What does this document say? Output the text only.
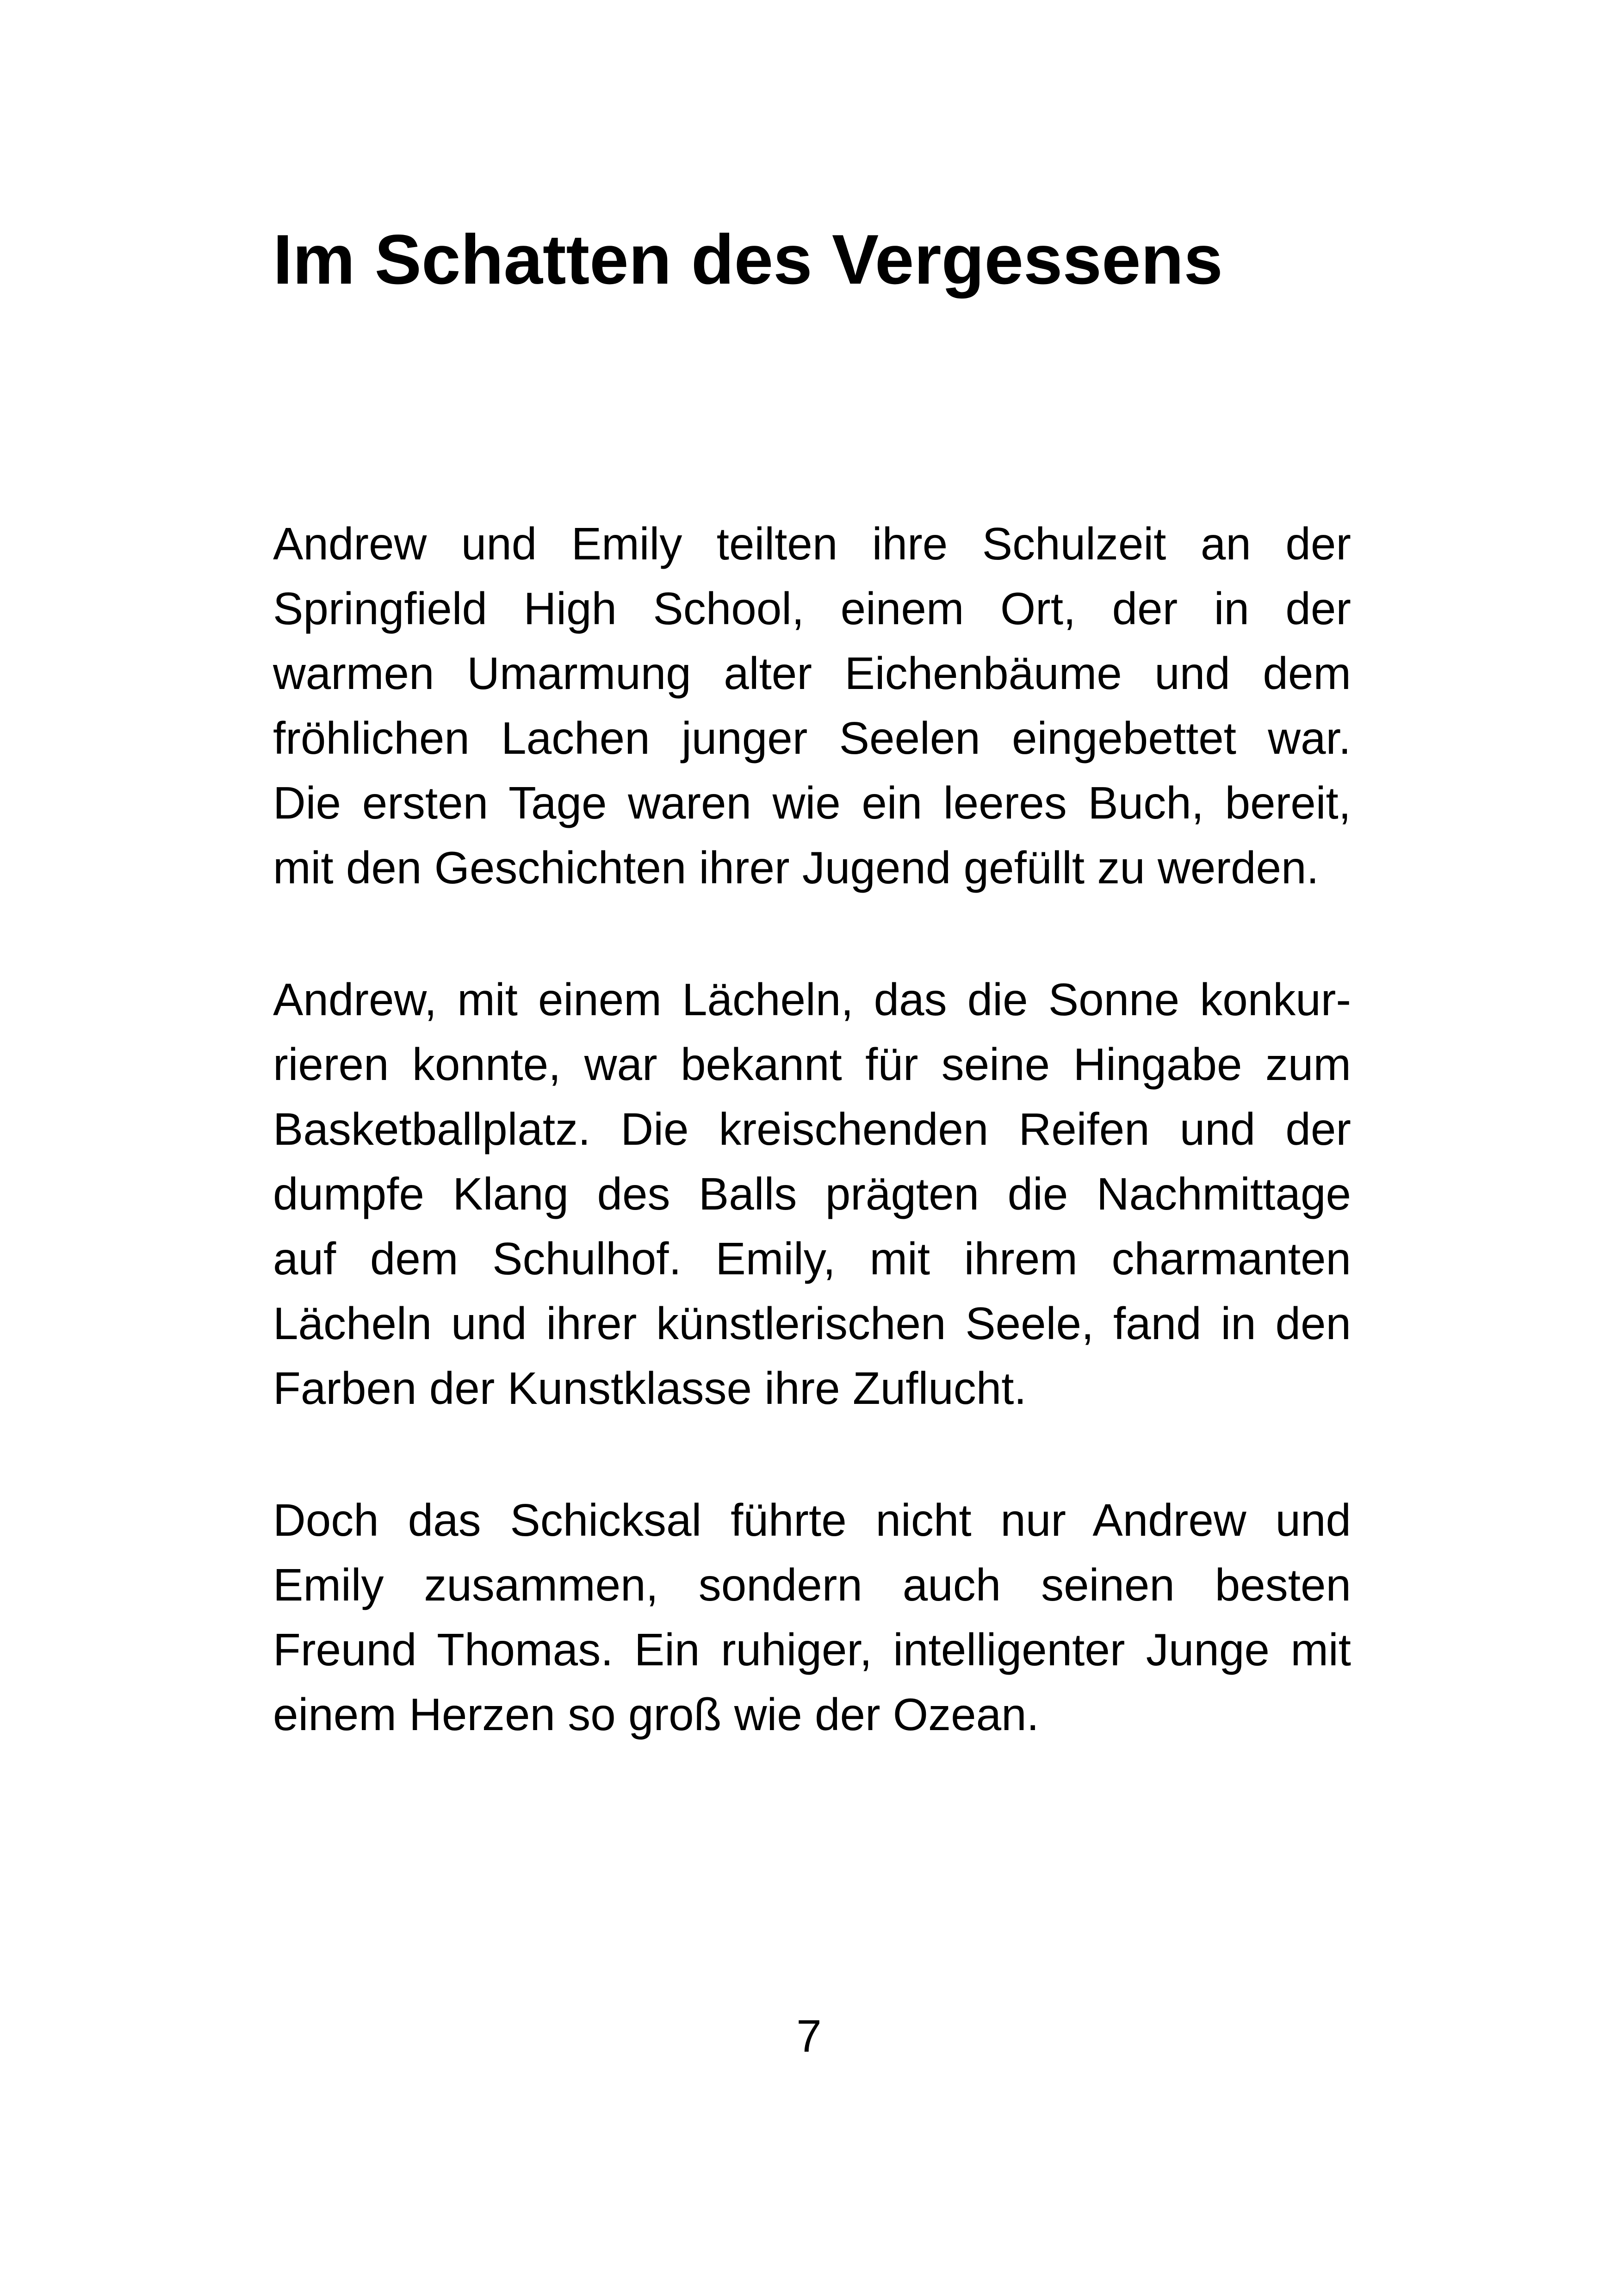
Im Schatten des Vergessens

Andrew und Emily teilten ihre Schulzeit an der
Springfield High School, einem Ort, der in der
warmen Umarmung alter Eichenbäume und dem
fröhlichen Lachen junger Seelen eingebettet war.
Die ersten Tage waren wie ein leeres Buch, bereit,
mit den Geschichten ihrer Jugend gefüllt zu werden.

Andrew, mit einem Lächeln, das die Sonne konkur-
rieren konnte, war bekannt für seine Hingabe zum
Basketballplatz. Die kreischenden Reifen und der
dumpfe Klang des Balls prägten die Nachmittage
auf dem Schulhof. Emily, mit ihrem charmanten
Lächeln und ihrer künstlerischen Seele, fand in den
Farben der Kunstklasse ihre Zuflucht.

Doch das Schicksal führte nicht nur Andrew und
Emily zusammen, sondern auch seinen besten
Freund Thomas. Ein ruhiger, intelligenter Junge mit
einem Herzen so groß wie der Ozean.

7
